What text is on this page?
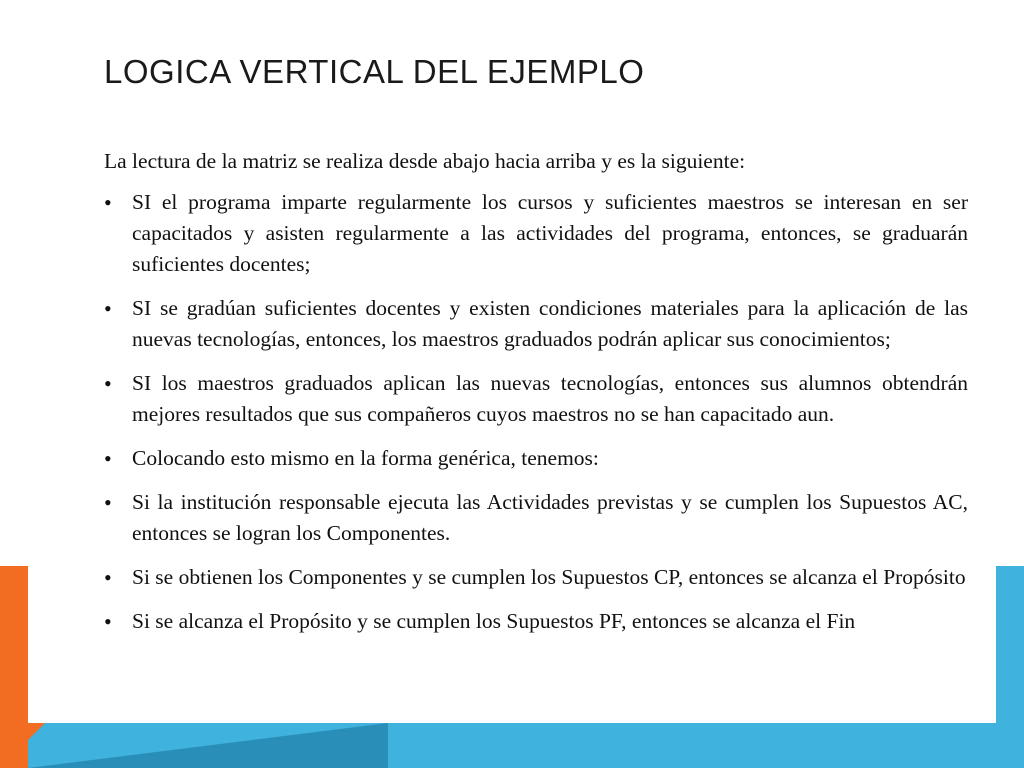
LOGICA VERTICAL DEL EJEMPLO

La lectura de la matriz se realiza desde abajo hacia arriba y es la siguiente:

• SI el programa imparte regularmente los cursos y suficientes maestros se interesan en ser capacitados y asisten regularmente a las actividades del programa, entonces, se graduarán suficientes docentes;
• SI se gradúan suficientes docentes y existen condiciones materiales para la aplicación de las nuevas tecnologías, entonces, los maestros graduados podrán aplicar sus conocimientos;
• SI los maestros graduados aplican las nuevas tecnologías, entonces sus alumnos obtendrán mejores resultados que sus compañeros cuyos maestros no se han capacitado aun.
• Colocando esto mismo en la forma genérica, tenemos:
• Si la institución responsable ejecuta las Actividades previstas y se cumplen los Supuestos AC, entonces se logran los Componentes.
• Si se obtienen los Componentes y se cumplen los Supuestos CP, entonces se alcanza el Propósito
• Si se alcanza el Propósito y se cumplen los Supuestos PF, entonces se alcanza el Fin
